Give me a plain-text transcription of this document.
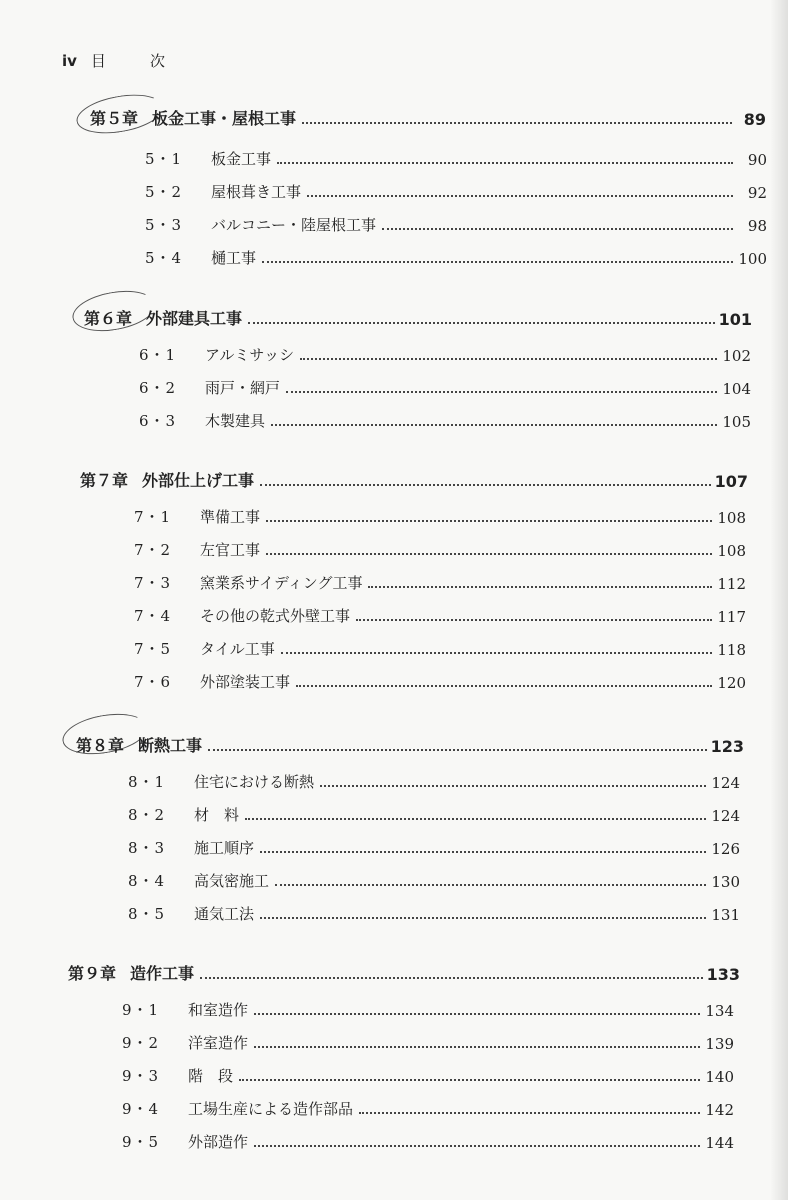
iv 目	次
第５章 板金工事・屋根工事	89
5・1	板金工事	90
5・2	屋根葺き工事	92
5・3	バルコニー・陸屋根工事	98
5・4	樋工事	100
第６章 外部建具工事	101
6・1	アルミサッシ	102
6・2	雨戸・網戸	104
6・3	木製建具	105
第７章 外部仕上げ工事	107
7・1	準備工事	108
7・2	左官工事	108
7・3	窯業系サイディング工事	112
7・4	その他の乾式外壁工事	117
7・5	タイル工事	118
7・6	外部塗装工事	120
第８章 断熱工事	123
8・1	住宅における断熱	124
8・2	材　料	124
8・3	施工順序	126
8・4	高気密施工	130
8・5	通気工法	131
第９章 造作工事	133
9・1	和室造作	134
9・2	洋室造作	139
9・3	階　段	140
9・4	工場生産による造作部品	142
9・5	外部造作	144
